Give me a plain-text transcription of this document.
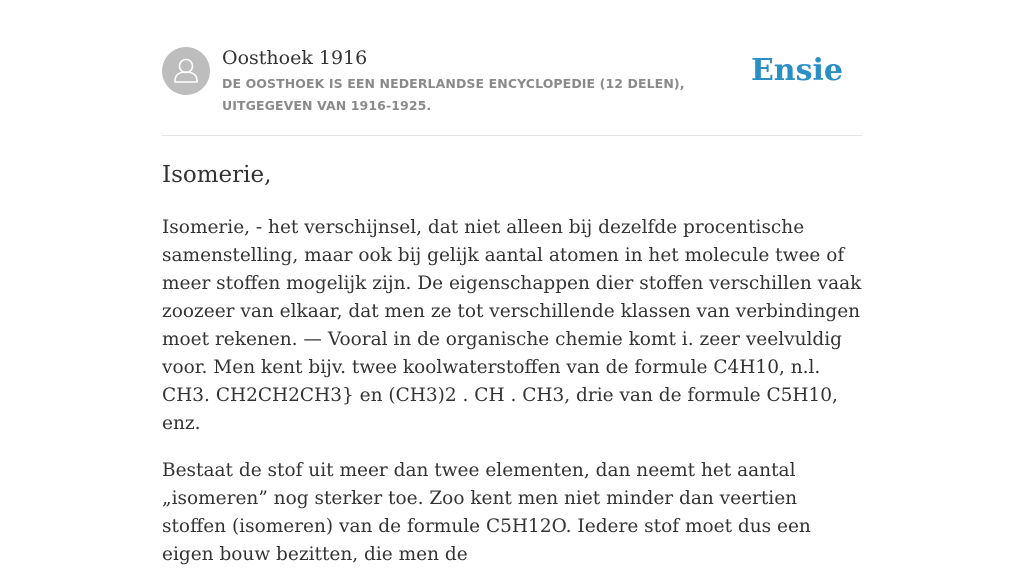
Oosthoek 1916
DE OOSTHOEK IS EEN NEDERLANDSE ENCYCLOPEDIE (12 DELEN), UITGEGEVEN VAN 1916-1925.
Ensie
Isomerie,

Isomerie, - het verschijnsel, dat niet alleen bij dezelfde procentische samenstelling, maar ook bij gelijk aantal atomen in het molecule twee of meer stoffen mogelijk zijn. De eigenschappen dier stoffen verschillen vaak zoozeer van elkaar, dat men ze tot verschillende klassen van verbindingen moet rekenen. — Vooral in de organische chemie komt i. zeer veelvuldig voor. Men kent bijv. twee koolwaterstoffen van de formule C4H10, n.l. CH3. CH2CH2CH3} en (CH3)2 . CH . CH3, drie van de formule C5H10, enz.

Bestaat de stof uit meer dan twee elementen, dan neemt het aantal „isomeren” nog sterker toe. Zoo kent men niet minder dan veertien stoffen (isomeren) van de formule C5H12O. Iedere stof moet dus een eigen bouw bezitten, die men de
